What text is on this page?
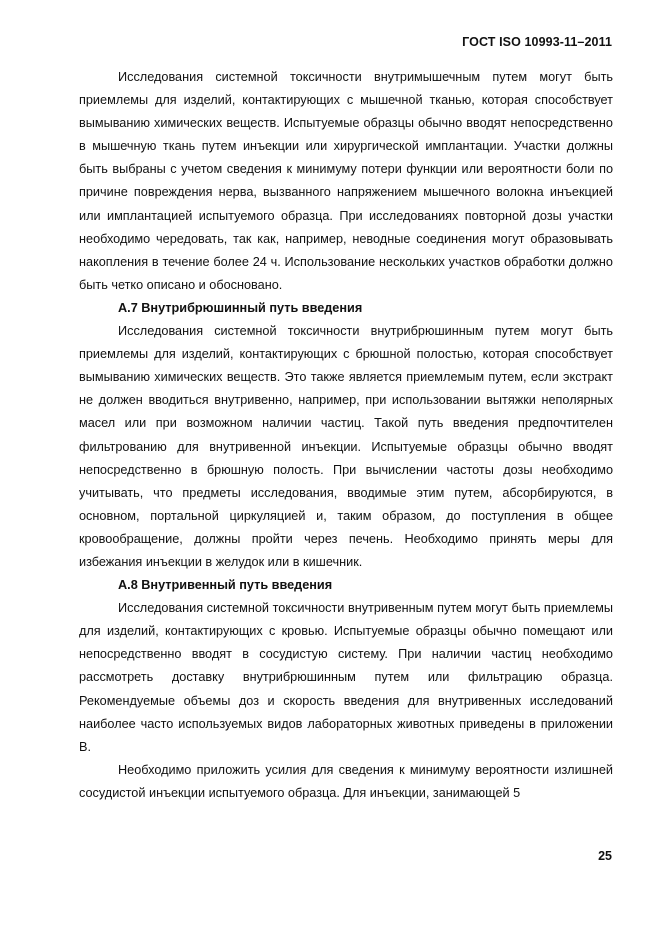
ГОСТ ISO 10993-11–2011

Исследования системной токсичности внутримышечным путем могут быть приемлемы для изделий, контактирующих с мышечной тканью, которая способствует вымыванию химических веществ. Испытуемые образцы обычно вводят непосредственно в мышечную ткань путем инъекции или хирургической имплантации. Участки должны быть выбраны с учетом сведения к минимуму потери функции или вероятности боли по причине повреждения нерва, вызванного напряжением мышечного волокна инъекцией или имплантацией испытуемого образца. При исследованиях повторной дозы участки необходимо чередовать, так как, например, неводные соединения могут образовывать накопления в течение более 24 ч. Использование нескольких участков обработки должно быть четко описано и обосновано.

А.7 Внутрибрюшинный путь введения

Исследования системной токсичности внутрибрюшинным путем могут быть приемлемы для изделий, контактирующих с брюшной полостью, которая способствует вымыванию химических веществ. Это также является приемлемым путем, если экстракт не должен вводиться внутривенно, например, при использовании вытяжки неполярных масел или при возможном наличии частиц. Такой путь введения предпочтителен фильтрованию для внутривенной инъекции. Испытуемые образцы обычно вводят непосредственно в брюшную полость. При вычислении частоты дозы необходимо учитывать, что предметы исследования, вводимые этим путем, абсорбируются, в основном, портальной циркуляцией и, таким образом, до поступления в общее кровообращение, должны пройти через печень. Необходимо принять меры для избежания инъекции в желудок или в кишечник.

А.8 Внутривенный путь введения

Исследования системной токсичности внутривенным путем могут быть приемлемы для изделий, контактирующих с кровью. Испытуемые образцы обычно помещают или непосредственно вводят в сосудистую систему. При наличии частиц необходимо рассмотреть доставку внутрибрюшинным путем или фильтрацию образца. Рекомендуемые объемы доз и скорость введения для внутривенных исследований наиболее часто используемых видов лабораторных животных приведены в приложении В.

Необходимо приложить усилия для сведения к минимуму вероятности излишней сосудистой инъекции испытуемого образца. Для инъекции, занимающей 5

25
